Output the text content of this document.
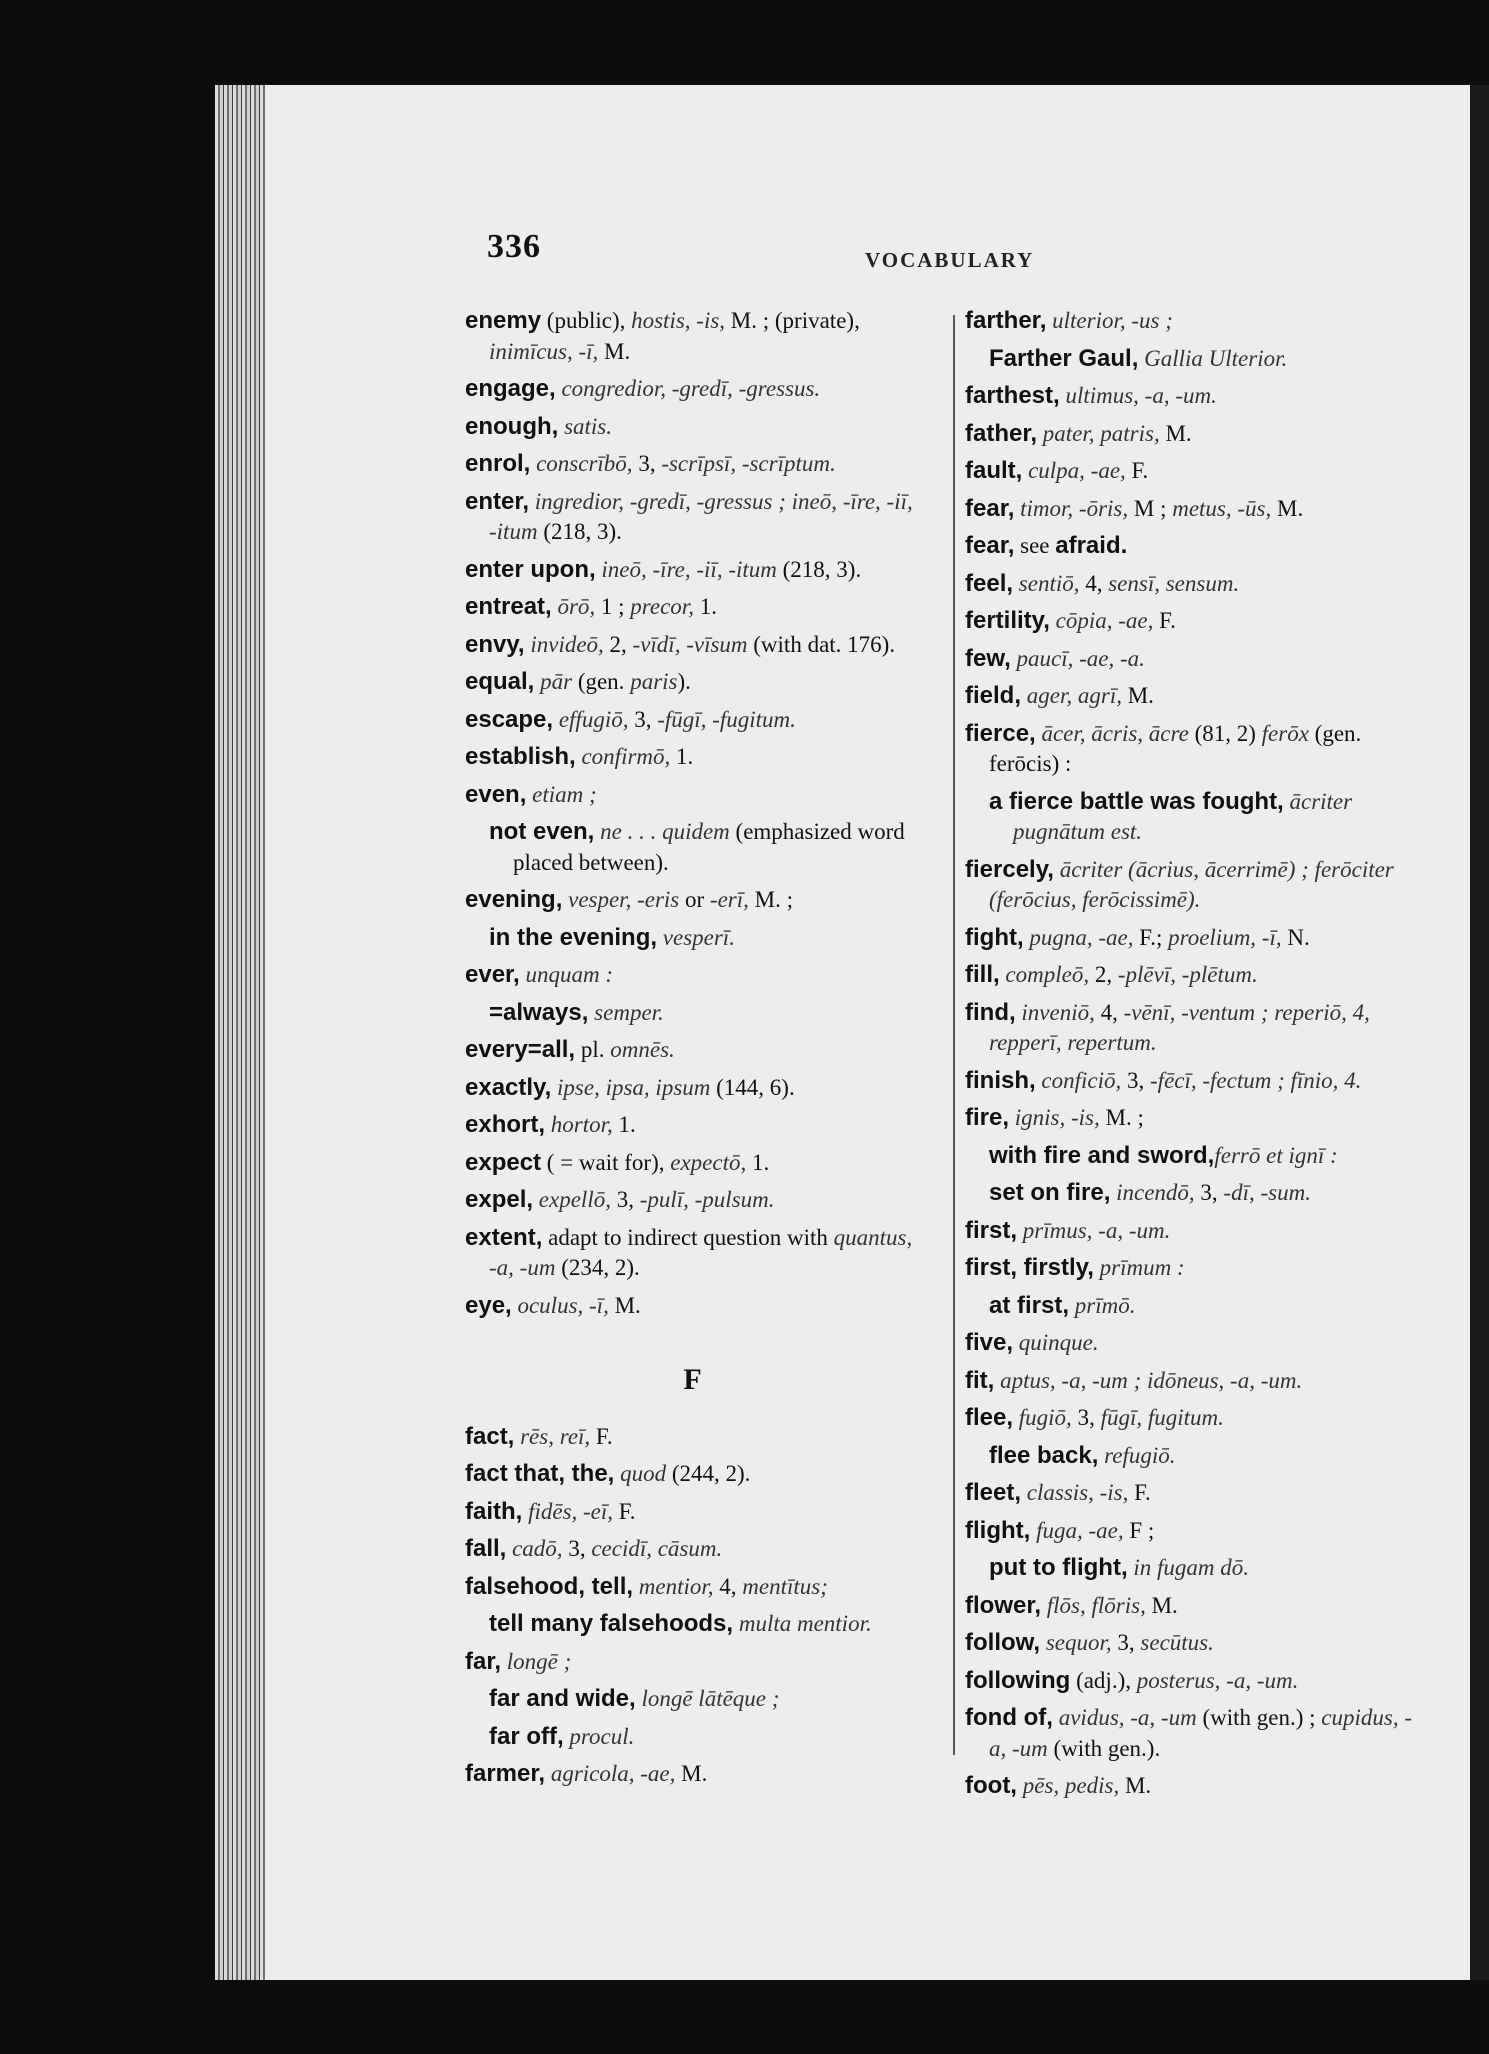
336	VOCABULARY
enemy (public), hostis, -is, M. ; (private), inimīcus, -ī, M.
engage, congredior, -gredī, -gressus.
enough, satis.
enrol, conscrībō, 3, -scrīpsī, -scrīptum.
enter, ingredior, -gredī, -gressus ; ineō, -īre, -iī, -itum (218, 3).
enter upon, ineō, -īre, -iī, -itum (218, 3).
entreat, ōrō, 1 ; precor, 1.
envy, invideō, 2, -vīdī, -vīsum (with dat. 176).
equal, pār (gen. paris).
escape, effugiō, 3, -fūgī, -fugitum.
establish, confirmō, 1.
even, etiam ;
not even, ne . . . quidem (emphasized word placed between).
evening, vesper, -eris or -erī, M. ;
in the evening, vesperī.
ever, unquam :
=always, semper.
every=all, pl. omnēs.
exactly, ipse, ipsa, ipsum (144, 6).
exhort, hortor, 1.
expect ( = wait for), expectō, 1.
expel, expellō, 3, -pulī, -pulsum.
extent, adapt to indirect question with quantus, -a, -um (234, 2).
eye, oculus, -ī, M.
F
fact, rēs, reī, F.
fact that, the, quod (244, 2).
faith, fidēs, -eī, F.
fall, cadō, 3, cecidī, cāsum.
falsehood, tell, mentior, 4, mentītus;
tell many falsehoods, multa mentior.
far, longē ;
far and wide, longē lātēque ;
far off, procul.
farmer, agricola, -ae, M.
farther, ulterior, -us ;
Farther Gaul, Gallia Ulterior.
farthest, ultimus, -a, -um.
father, pater, patris, M.
fault, culpa, -ae, F.
fear, timor, -ōris, M ; metus, -ūs, M.
fear, see afraid.
feel, sentiō, 4, sensī, sensum.
fertility, cōpia, -ae, F.
few, paucī, -ae, -a.
field, ager, agrī, M.
fierce, ācer, ācris, ācre (81, 2) ferōx (gen. ferōcis) :
a fierce battle was fought, ācriter pugnātum est.
fiercely, ācriter (ācrius, ācerrimē) ; ferōciter (ferōcius, ferōcissimē).
fight, pugna, -ae, F.; proelium, -ī, N.
fill, compleō, 2, -plēvī, -plētum.
find, inveniō, 4, -vēnī, -ventum ; reperiō, 4, repperī, repertum.
finish, conficiō, 3, -fēcī, -fectum ; fīnio, 4.
fire, ignis, -is, M. ;
with fire and sword,ferrō et ignī :
set on fire, incendō, 3, -dī, -sum.
first, prīmus, -a, -um.
first, firstly, prīmum :
at first, prīmō.
five, quinque.
fit, aptus, -a, -um ; idōneus, -a, -um.
flee, fugiō, 3, fūgī, fugitum.
flee back, refugiō.
fleet, classis, -is, F.
flight, fuga, -ae, F ;
put to flight, in fugam dō.
flower, flōs, flōris, M.
follow, sequor, 3, secūtus.
following (adj.), posterus, -a, -um.
fond of, avidus, -a, -um (with gen.) ; cupidus, -a, -um (with gen.).
foot, pēs, pedis, M.
